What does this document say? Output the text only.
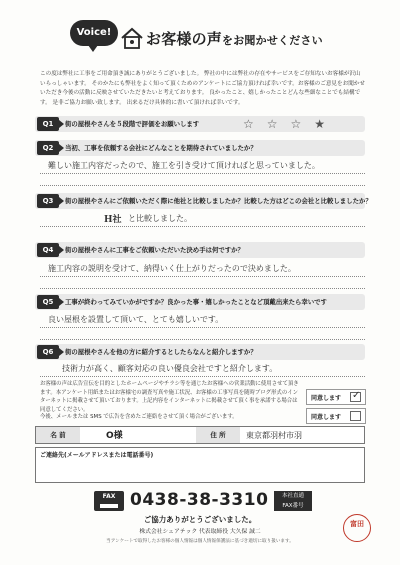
Voice!	お客様の声をお聞かせください
この度は弊社に工事をご用命頂き誠にありがとうございました。 弊社の中には弊社の存在やサービスをご存知ないお客様が沢山いらっしゃいます。 そのかたにも弊社をよく知って頂くためのアンケートにご協力頂ければ幸いです。お客様のご意見をお聞かせいただき今後の活動に反映させていただきたいと考えております。 良かったこと、嬉しかったことどんな些細なことでも結構です。 是非ご協力お願い致します。 出来るだけ具体的に書いて頂ければ幸いです。
Q1	街の屋根やさんを５段階で評価をお願いします	☆☆☆★
Q2	当初、工事を依頼する会社にどんなことを期待されていましたか？
難しい施工内容だったので、施工を引き受けて頂ければと思っていました。
Q3	街の屋根やさんにご依頼いただく際に他社と比較しましたか？比較した方はどこの会社と比較しましたか？
H社 と比較しました。
Q4	街の屋根やさんに工事をご依頼いただいた決め手は何ですか？
施工内容の説明を受けて、納得いく仕上がりだったので決めました。
Q5	工事が終わってみていかがですか？良かった事・嬉しかったことなど頂戴出来たら幸いです
良い屋根を設置して頂いて、とても嬉しいです。
Q6	街の屋根やさんを他の方に紹介するとしたらなんと紹介しますか？
技術力が高く、顧客対応の良い優良会社ですと紹介します。
お客様の声は広告宣伝を目的としたホームページやチラシ等を通じたお客様への営業活動に使用させて頂きます。本アンケート用紙またはお客様宅の調査写真や施工状況、お客様の工事写真を随時ブログ形式のインターネットに掲載させて頂いております。上記内容をインターネットに掲載させて頂く事を承諾する場合は同意してください。
同意します
✓
今後、メールまたは SMS で広告を含めたご連絡をさせて頂く場合がございます。	同意します
名 前	O様	住 所	東京都羽村市羽
ご連絡先(メールアドレスまたは電話番号)
FAX 0438-38-3310	本社直通
FAX番号
ご協力ありがとうございました。
株式会社シェアテック 代表取締役 大久保 誠二
当アンケートで取得したお客様の個人情報は個人情報保護法に基づき適切に取り扱います。
富田
